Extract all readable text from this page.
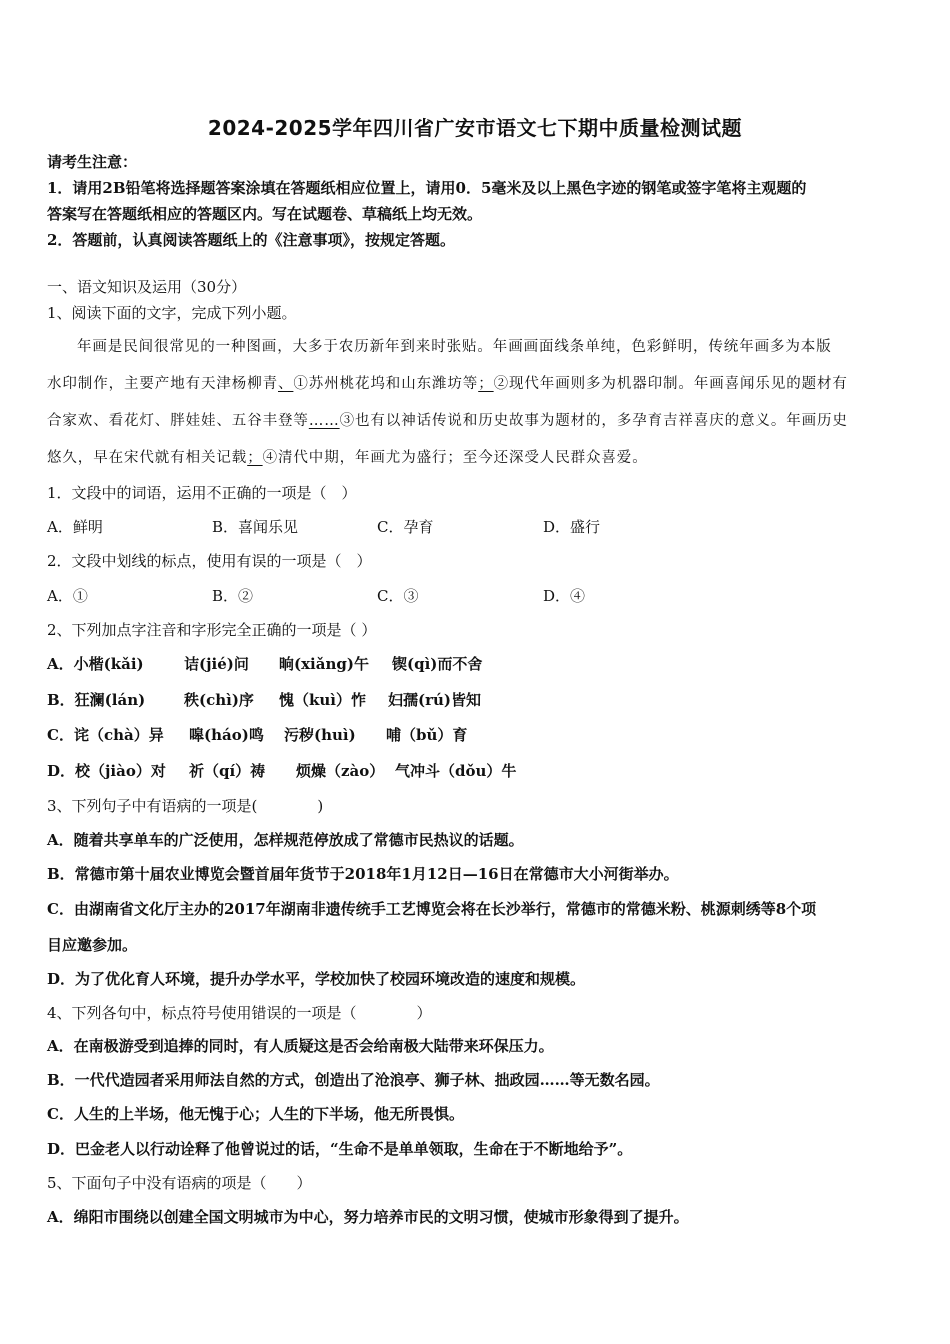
2024-2025学年四川省广安市语文七下期中质量检测试题
请考生注意：
1．请用2B铅笔将选择题答案涂填在答题纸相应位置上，请用0．5毫米及以上黑色字迹的钢笔或签字笔将主观题的
答案写在答题纸相应的答题区内。写在试题卷、草稿纸上均无效。
2．答题前，认真阅读答题纸上的《注意事项》，按规定答题。
一、语文知识及运用（30分）
1、阅读下面的文字，完成下列小题。
年画是民间很常见的一种图画，大多于农历新年到来时张贴。年画画面线条单纯，色彩鲜明，传统年画多为本版
水印制作，主要产地有天津杨柳青、①苏州桃花坞和山东潍坊等；②现代年画则多为机器印制。年画喜闻乐见的题材有
合家欢、看花灯、胖娃娃、五谷丰登等……③也有以神话传说和历史故事为题材的，多孕育吉祥喜庆的意义。年画历史
悠久，早在宋代就有相关记载；④清代中期，年画尤为盛行；至今还深受人民群众喜爱。
1．文段中的词语，运用不正确的一项是（　）
A．鲜明	B．喜闻乐见	C．孕育	D．盛行
2．文段中划线的标点，使用有误的一项是（　）
A．①	B．②	C．③	D．④
2、下列加点字注音和字形完全正确的一项是（ ）
A．小楷(kǎi)	诘(jié)问 晌(xiǎng)午 锲(qì)而不舍
B．狂澜(lán)	秩(chì)序 愧（kuì）怍 妇孺(rú)皆知
C．诧（chà）异 嗥(háo)鸣 污秽(huì) 哺（bǔ）育
D．校（jiào）对 祈（qí）祷 烦燥（zào） 气冲斗（dǒu）牛
3、下列句子中有语病的一项是(　　　　)
A．随着共享单车的广泛使用，怎样规范停放成了常德市民热议的话题。
B．常德市第十届农业博览会暨首届年货节于2018年1月12日—16日在常德市大小河街举办。
C．由湖南省文化厅主办的2017年湖南非遗传统手工艺博览会将在长沙举行，常德市的常德米粉、桃源刺绣等8个项
目应邀参加。
D．为了优化育人环境，提升办学水平，学校加快了校园环境改造的速度和规模。
4、下列各句中，标点符号使用错误的一项是（　　　　）
A．在南极游受到追捧的同时，有人质疑这是否会给南极大陆带来环保压力。
B．一代代造园者采用师法自然的方式，创造出了沧浪亭、狮子林、拙政园……等无数名园。
C．人生的上半场，他无愧于心；人生的下半场，他无所畏惧。
D．巴金老人以行动诠释了他曾说过的话，“生命不是单单领取，生命在于不断地给予”。
5、下面句子中没有语病的项是（　　）
A．绵阳市围绕以创建全国文明城市为中心，努力培养市民的文明习惯，使城市形象得到了提升。
